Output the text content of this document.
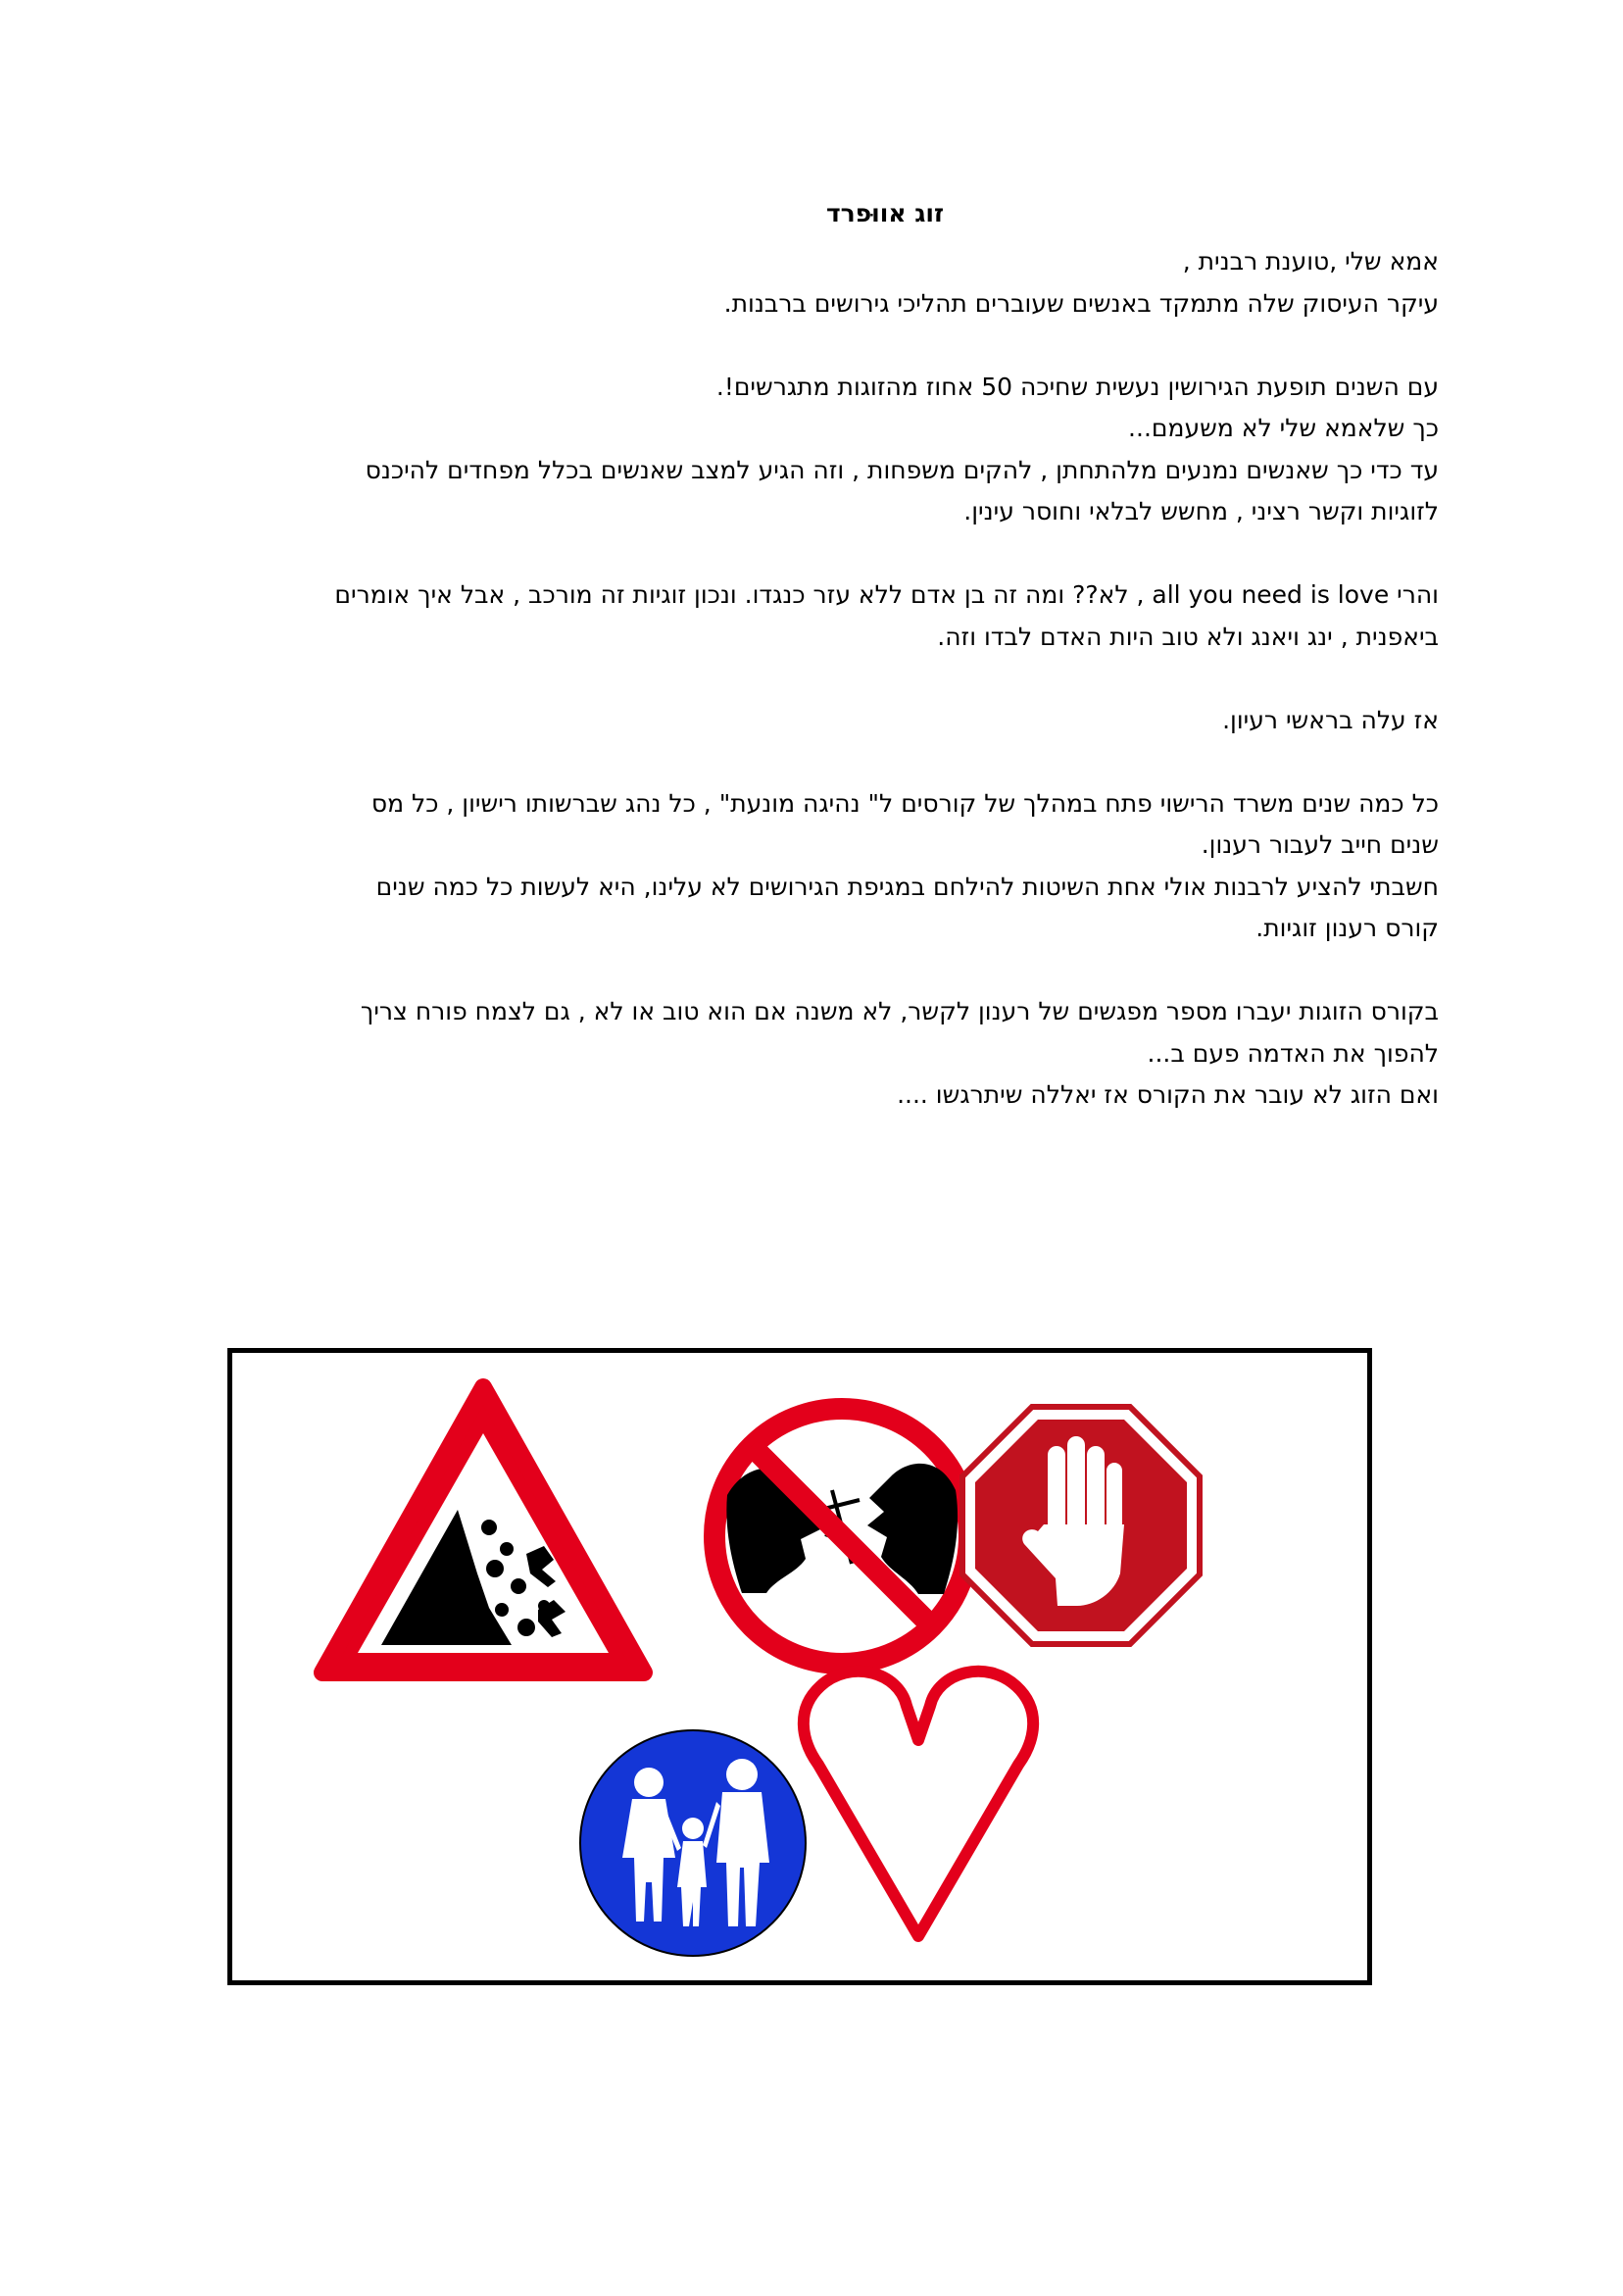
זוג אווּפרד
אמא שלי ,טוענת רבנית ,
עיקר העיסוק שלה מתמקד באנשים שעוברים תהליכי גירושים ברבנות.
עם השנים תופעת הגירושין נעשית שחיכה 50 אחוז מהזוגות מתגרשים!.
כך שלאמא שלי לא משעמם...
עד כדי כך שאנשים נמנעים מלהתחתן , להקים משפחות , וזה הגיע למצב שאנשים בכלל מפחדים להיכנס
לזוגיות וקשר רציני , מחשש לבלאי וחוסר עינין.
והרי all you need is love , לא?? ומה זה בן אדם ללא עזר כנגדו. ונכון זוגיות זה מורכב , אבל איך אומרים
ביאפנית , ינג ויאנג ולא טוב היות האדם לבדו וזה.
אז עלה בראשי רעיון.
כל כמה שנים משרד הרישוי פתח במהלך של קורסים ל" נהיגה מונעת" , כל נהג שברשותו רישיון , כל מס
שנים חייב לעבור רענון.
חשבתי להציע לרבנות אולי אחת השיטות להילחם במגיפת הגירושים לא עלינו, היא לעשות כל כמה שנים
קורס רענון זוגיות.
בקורס הזוגות יעברו מספר מפגשים של רענון לקשר, לא משנה אם הוא טוב או לא , גם לצמח פורח צריך
להפוך את האדמה פעם ב...
ואם הזוג לא עובר את הקורס אז יאללה שיתרגשו ....
